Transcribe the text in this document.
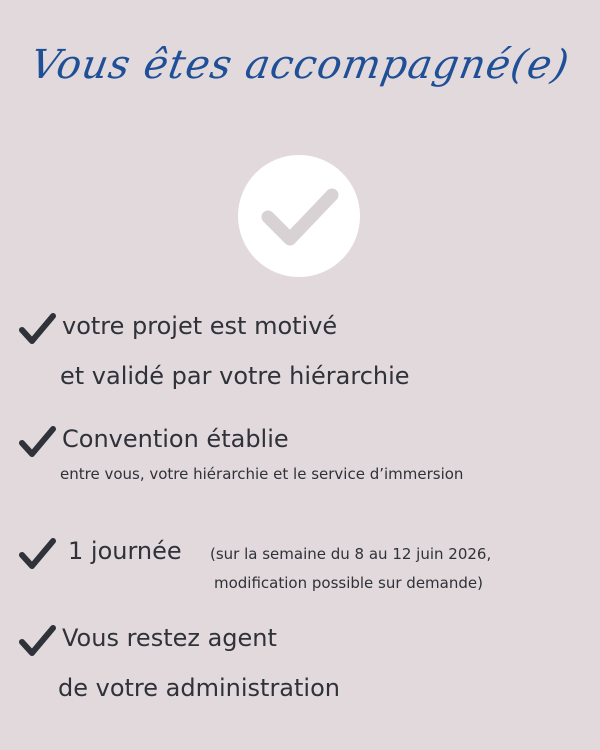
Vous êtes accompagné(e)
votre projet est motivé
et validé par votre hiérarchie
Convention établie
entre vous, votre hiérarchie et le service d’immersion
1 journée (sur la semaine du 8 au 12 juin 2026,
modification possible sur demande)
Vous restez agent
de votre administration
